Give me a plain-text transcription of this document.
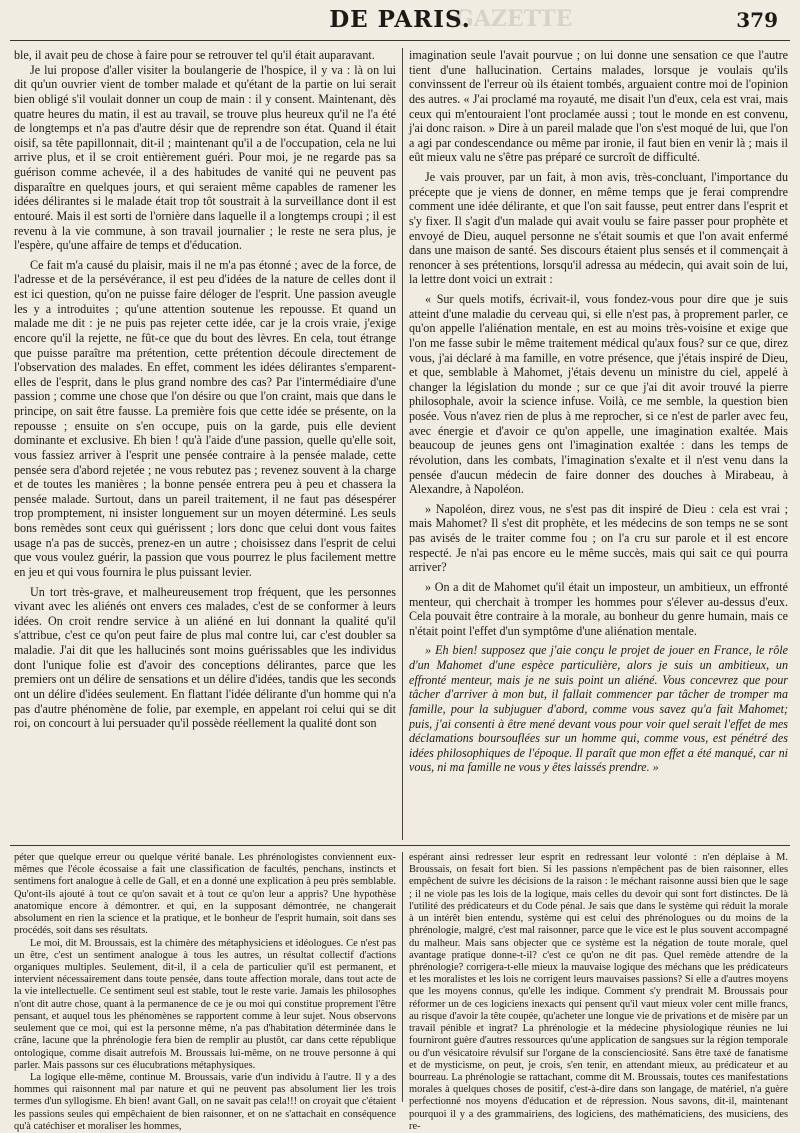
GAZETTE
DE PARIS.	379

ble, il avait peu de chose à faire pour se retrouver tel qu'il était auparavant.

Je lui propose d'aller visiter la boulangerie de l'hospice, il y va : là on lui dit qu'un ouvrier vient de tomber malade et qu'étant de la partie on lui serait bien obligé s'il voulait donner un coup de main : il y consent. Maintenant, dès quatre heures du matin, il est au travail, se trouve plus heureux qu'il ne l'a été de longtemps et n'a pas d'autre désir que de reprendre son état. Quand il était oisif, sa tête papillonnait, dit-il ; maintenant qu'il a de l'occupation, cela ne lui arrive plus, et il se croit entièrement guéri. Pour moi, je ne regarde pas sa guérison comme achevée, il a des habitudes de vanité qui ne peuvent pas disparaître en quelques jours, et qui seraient même capables de ramener les idées délirantes si le malade était trop tôt soustrait à la surveillance dont il est entouré. Mais il est sorti de l'ornière dans laquelle il a longtemps croupi ; il est revenu à la vie commune, à son travail journalier ; le reste ne sera plus, je l'espère, qu'une affaire de temps et d'éducation.

Ce fait m'a causé du plaisir, mais il ne m'a pas étonné ; avec de la force, de l'adresse et de la persévérance, il est peu d'idées de la nature de celles dont il est ici question, qu'on ne puisse faire déloger de l'esprit. Une passion aveugle les y a introduites ; qu'une attention soutenue les repousse. Et quand un malade me dit : je ne puis pas rejeter cette idée, car je la crois vraie, j'exige encore qu'il la rejette, ne fût-ce que du bout des lèvres. En cela, tout étrange que puisse paraître ma prétention, cette prétention découle directement de l'observation des malades. En effet, comment les idées délirantes s'emparent-elles de l'esprit, dans le plus grand nombre des cas? Par l'intermédiaire d'une passion ; comme une chose que l'on désire ou que l'on craint, mais que dans le principe, on sait être fausse. La première fois que cette idée se présente, on la repousse ; ensuite on s'en occupe, puis on la garde, puis elle devient dominante et exclusive. Eh bien ! qu'à l'aide d'une passion, quelle qu'elle soit, vous fassiez arriver à l'esprit une pensée contraire à la pensée malade, cette pensée sera d'abord rejetée ; ne vous rebutez pas ; revenez souvent à la charge et de toutes les manières ; la bonne pensée entrera peu à peu et chassera la pensée malade. Surtout, dans un pareil traitement, il ne faut pas désespérer trop promptement, ni insister longuement sur un moyen déterminé. Les seuls bons remèdes sont ceux qui guérissent ; lors donc que celui dont vous faites usage n'a pas de succès, prenez-en un autre ; choisissez dans l'esprit de celui que vous voulez guérir, la passion que vous pourrez le plus facilement mettre en jeu et qui vous fournira le plus puissant levier.

Un tort très-grave, et malheureusement trop fréquent, que les personnes vivant avec les aliénés ont envers ces malades, c'est de se conformer à leurs idées. On croit rendre service à un aliéné en lui donnant la qualité qu'il s'attribue, c'est ce qu'on peut faire de plus mal contre lui, car c'est doubler sa maladie. J'ai dit que les hallucinés sont moins guérissables que les individus dont l'unique folie est d'avoir des conceptions délirantes, parce que les premiers ont un délire de sensations et un délire d'idées, tandis que les seconds ont un délire d'idées seulement. En flattant l'idée délirante d'un homme qui n'a pas d'autre phénomène de folie, par exemple, en appelant roi celui qui se dit roi, on concourt à lui persuader qu'il possède réellement la qualité dont son

imagination seule l'avait pourvue ; on lui donne une sensation ce que l'autre tient d'une hallucination. Certains malades, lorsque je voulais qu'ils convinssent de l'erreur où ils étaient tombés, arguaient contre moi de l'opinion des autres. « J'ai proclamé ma royauté, me disait l'un d'eux, cela est vrai, mais ceux qui m'entouraient l'ont proclamée aussi ; tout le monde en est convenu, j'ai donc raison. » Dire à un pareil malade que l'on s'est moqué de lui, que l'on a agi par condescendance ou même par ironie, il faut bien en venir là ; mais il eût mieux valu ne s'être pas préparé ce surcroît de difficulté.

Je vais prouver, par un fait, à mon avis, très-concluant, l'importance du précepte que je viens de donner, en même temps que je ferai comprendre comment une idée délirante, et que l'on sait fausse, peut entrer dans l'esprit et s'y fixer. Il s'agit d'un malade qui avait voulu se faire passer pour prophète et envoyé de Dieu, auquel personne ne s'était soumis et que l'on avait enfermé dans une maison de santé. Ses discours étaient plus sensés et il commençait à renoncer à ses prétentions, lorsqu'il adressa au médecin, qui avait soin de lui, la lettre dont voici un extrait :

« Sur quels motifs, écrivait-il, vous fondez-vous pour dire que je suis atteint d'une maladie du cerveau qui, si elle n'est pas, à proprement parler, ce qu'on appelle l'aliénation mentale, en est au moins très-voisine et exige que l'on me fasse subir le même traitement médical qu'aux fous? sur ce que, direz vous, j'ai déclaré à ma famille, en votre présence, que j'étais inspiré de Dieu, et que, semblable à Mahomet, j'étais devenu un ministre du ciel, appelé à changer la législation du monde ; sur ce que j'ai dit avoir trouvé la pierre philosophale, avoir la science infuse. Voilà, ce me semble, la question bien posée. Vous n'avez rien de plus à me reprocher, si ce n'est de parler avec feu, avec énergie et d'avoir ce qu'on appelle, une imagination exaltée. Mais beaucoup de jeunes gens ont l'imagination exaltée : dans les temps de révolution, dans les combats, l'imagination s'exalte et il n'est venu dans la pensée d'aucun médecin de faire donner des douches à Mirabeau, à Alexandre, à Napoléon.

» Napoléon, direz vous, ne s'est pas dit inspiré de Dieu : cela est vrai ; mais Mahomet? Il s'est dit prophète, et les médecins de son temps ne se sont pas avisés de le traiter comme fou ; on l'a cru sur parole et il est encore respecté. Je n'ai pas encore eu le même succès, mais qui sait ce qui pourra arriver?

» On a dit de Mahomet qu'il était un imposteur, un ambitieux, un effronté menteur, qui cherchait à tromper les hommes pour s'élever au-dessus d'eux. Cela pouvait être contraire à la morale, au bonheur du genre humain, mais ce n'était point l'effet d'un symptôme d'une aliénation mentale.

» Eh bien! supposez que j'aie conçu le projet de jouer en France, le rôle d'un Mahomet d'une espèce particulière, alors je suis un ambitieux, un effronté menteur, mais je ne suis point un aliéné. Vous concevrez que pour tâcher d'arriver à mon but, il fallait commencer par tâcher de tromper ma famille, pour la subjuguer d'abord, comme vous savez qu'a fait Mahomet; puis, j'ai consenti à être mené devant vous pour voir quel serait l'effet de mes déclamations boursouflées sur un homme qui, comme vous, est pénétré des idées philosophiques de l'époque. Il paraît que mon effet a été manqué, car ni vous, ni ma famille ne vous y êtes laissés prendre. »

péter que quelque erreur ou quelque vérité banale. Les phrénologistes conviennent eux-mêmes que l'école écossaise a fait une classification de facultés, penchans, instincts et sentimens fort analogue à celle de Gall, et en a donné une explication à peu près semblable. Qu'ont-ils ajouté à tout ce qu'on savait et à tout ce qu'on leur a appris? Une hypothèse anatomique encore à démontrer. et qui, en la supposant démontrée, ne changerait absolument en rien la science et la pratique, et le bonheur de l'esprit humain, soit dans ses procédés, soit dans ses résultats.

Le moi, dit M. Broussais, est la chimère des métaphysiciens et idéologues. Ce n'est pas un être, c'est un sentiment analogue à tous les autres, un résultat collectif d'actions organiques multiples. Seulement, dit-il, il a cela de particulier qu'il est permanent, et intervient nécessairement dans toute pensée, dans toute affection morale, dans tout acte de la vie intellectuelle. Ce sentiment seul est stable, tout le reste varie. Jamais les philosophes n'ont dit autre chose, quant à la permanence de ce je ou moi qui constitue proprement l'être pensant, et auquel tous les phénomènes se rapportent comme à leur sujet. Nous observons seulement que ce moi, qui est la personne même, n'a pas d'habitation déterminée dans le crâne, lacune que la phrénologie fera bien de remplir au plustôt, car dans cette république ontologique, comme disait autrefois M. Broussais lui-même, on ne trouve personne à qui parler. Mais passons sur ces élucubrations métaphysiques.

La logique elle-même, continue M. Broussais, varie d'un individu à l'autre. Il y a des hommes qui raisonnent mal par nature et qui ne peuvent pas absolument lier les trois termes d'un syllogisme. Eh bien! avant Gall, on ne savait pas cela!!! on croyait que c'étaient les passions seules qui empêchaient de bien raisonner, et on ne s'attachait en conséquence qu'à catéchiser et moraliser les hommes,

espérant ainsi redresser leur esprit en redressant leur volonté : n'en déplaise à M. Broussais, on fesait fort bien. Si les passions n'empêchent pas de bien raisonner, elles empêchent de suivre les décisions de la raison : le méchant raisonne aussi bien que le sage ; il ne viole pas les lois de la logique, mais celles du devoir qui sont fort distinctes. De là l'utilité des prédicateurs et du Code pénal. Je sais que dans le système qui réduit la morale à un intérêt bien entendu, système qui est celui des phrénologues ou du moins de la phrénologie, malgré, c'est mal raisonner, parce que le vice est le plus souvent accompagné du malheur. Mais sans objecter que ce système est la négation de toute morale, quel avantage pratique donne-t-il? c'est ce qu'on ne dit pas. Quel remède attendre de la phrénologie? corrigera-t-elle mieux la mauvaise logique des méchans que les prédicateurs et les moralistes et les lois ne corrigent leurs mauvaises passions? Si elle a d'autres moyens que les moyens connus, qu'elle les indique. Comment s'y prendrait M. Broussais pour réformer un de ces logiciens inexacts qui pensent qu'il vaut mieux voler cent mille francs, au risque d'avoir la tête coupée, qu'acheter une longue vie de privations et de misère par un travail pénible et ingrat? La phrénologie et la médecine physiologique réunies ne lui fourniront guère d'autres ressources qu'une application de sangsues sur la région temporale ou d'un vésicatoire révulsif sur l'organe de la conscienciosité. Sans être taxé de fanatisme et de mysticisme, on peut, je crois, s'en tenir, en attendant mieux, au prédicateur et au bourreau. La phrénologie se rattachant, comme dit M. Broussais, toutes ces manifestations morales à quelques choses de positif, c'est-à-dire dans son langage, de matériel, n'a guère perfectionné nos moyens d'éducation et de répression. Nous savons, dit-il, maintenant pourquoi il y a des grammairiens, des logiciens, des mathématiciens, des musiciens, des re-
